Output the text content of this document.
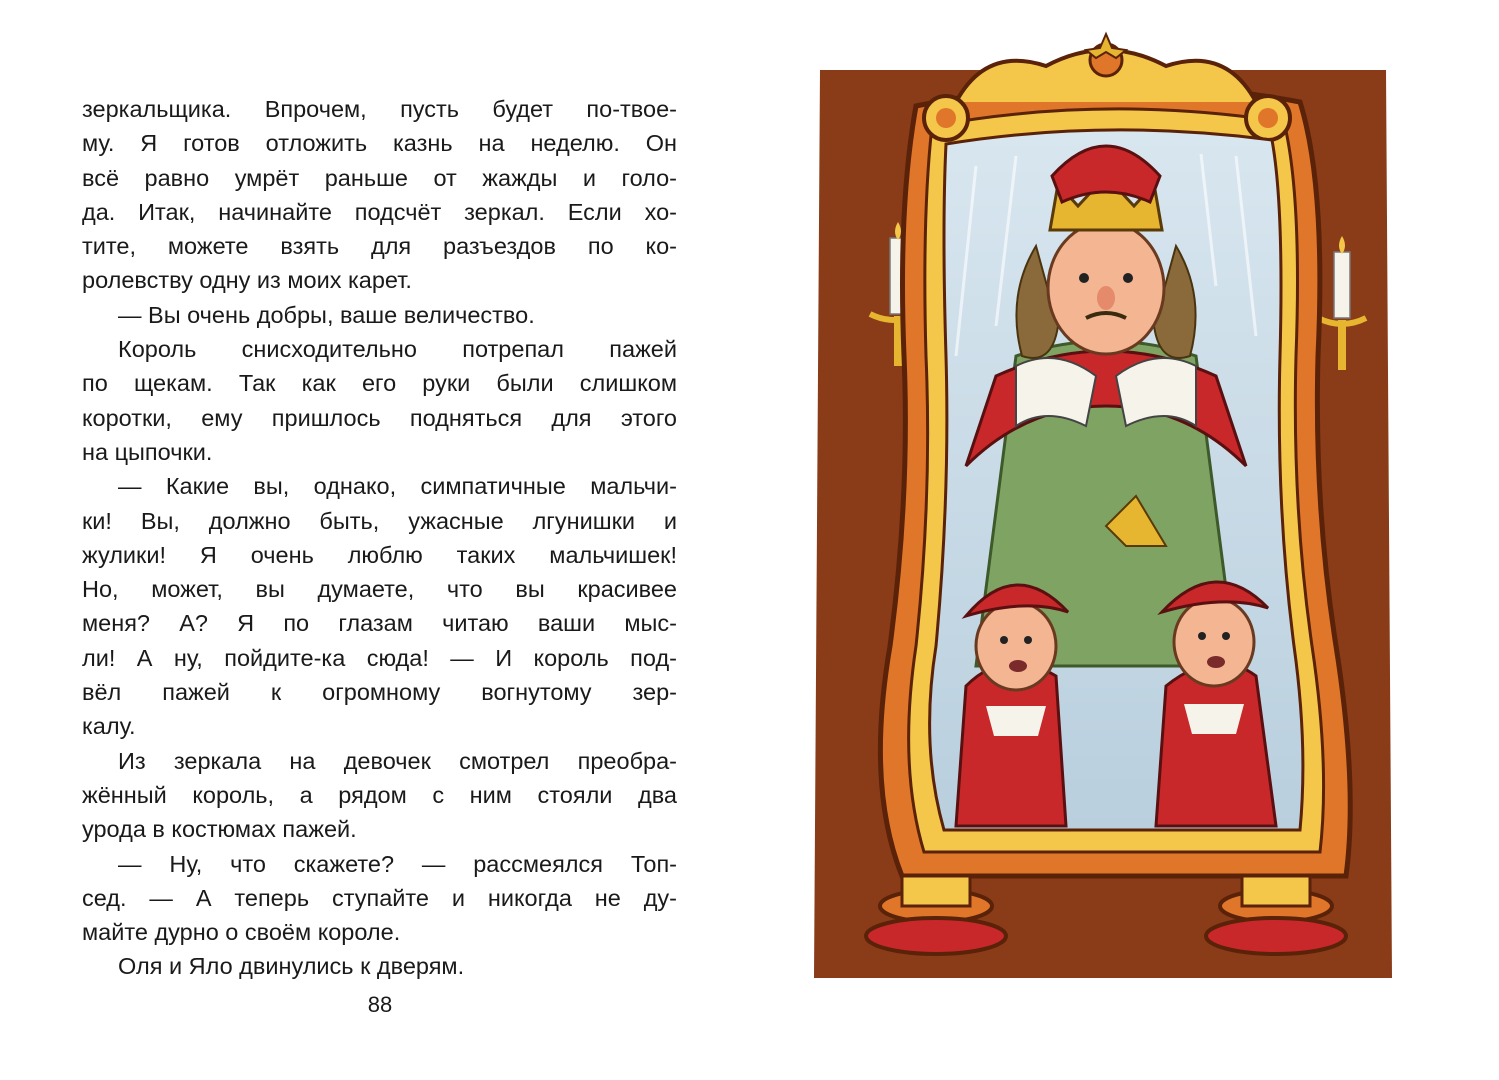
зеркальщика. Впрочем, пусть будет по-твое-
му. Я готов отложить казнь на неделю. Он
всё равно умрёт раньше от жажды и голо-
да. Итак, начинайте подсчёт зеркал. Если хо-
тите, можете взять для разъездов по ко-
ролевству одну из моих карет.
— Вы очень добры, ваше величество.
Король снисходительно потрепал пажей
по щекам. Так как его руки были слишком
коротки, ему пришлось подняться для этого
на цыпочки.
— Какие вы, однако, симпатичные мальчи-
ки! Вы, должно быть, ужасные лгунишки и
жулики! Я очень люблю таких мальчишек!
Но, может, вы думаете, что вы красивее
меня? А? Я по глазам читаю ваши мыс-
ли! А ну, пойдите-ка сюда! — И король под-
вёл пажей к огромному вогнутому зер-
калу.
Из зеркала на девочек смотрел преобра-
жённый король, а рядом с ним стояли два
урода в костюмах пажей.
— Ну, что скажете? — рассмеялся Топ-
сед. — А теперь ступайте и никогда не ду-
майте дурно о своём короле.
Оля и Яло двинулись к дверям.
88
